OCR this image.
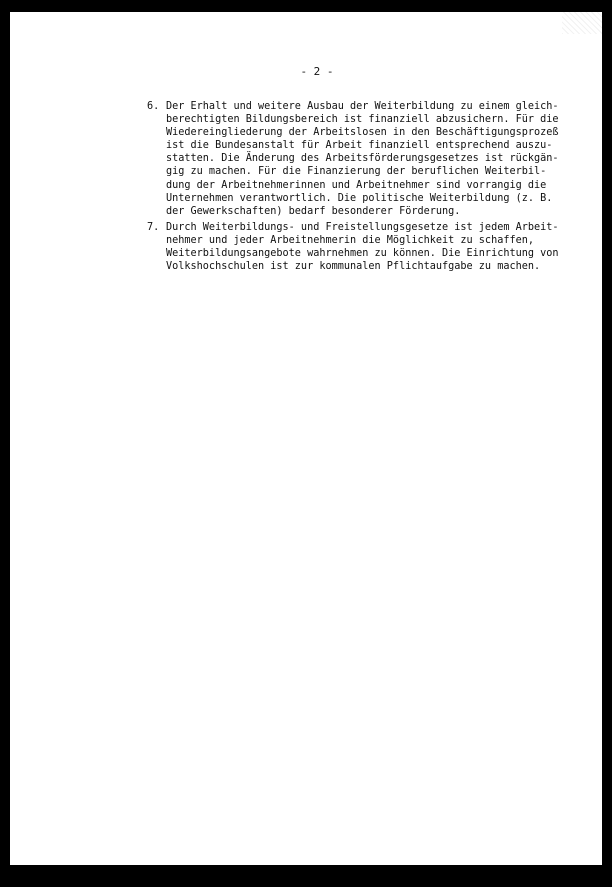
- 2 -
6. Der Erhalt und weitere Ausbau der Weiterbildung zu einem gleich-
berechtigten Bildungsbereich ist finanziell abzusichern. Für die
Wiedereingliederung der Arbeitslosen in den Beschäftigungsprozeß
ist die Bundesanstalt für Arbeit finanziell entsprechend auszu-
statten. Die Änderung des Arbeitsförderungsgesetzes ist rückgän-
gig zu machen. Für die Finanzierung der beruflichen Weiterbil-
dung der Arbeitnehmerinnen und Arbeitnehmer sind vorrangig die
Unternehmen verantwortlich. Die politische Weiterbildung (z. B.
der Gewerkschaften) bedarf besonderer Förderung.
7. Durch Weiterbildungs- und Freistellungsgesetze ist jedem Arbeit-
nehmer und jeder Arbeitnehmerin die Möglichkeit zu schaffen,
Weiterbildungsangebote wahrnehmen zu können. Die Einrichtung von
Volkshochschulen ist zur kommunalen Pflichtaufgabe zu machen.
